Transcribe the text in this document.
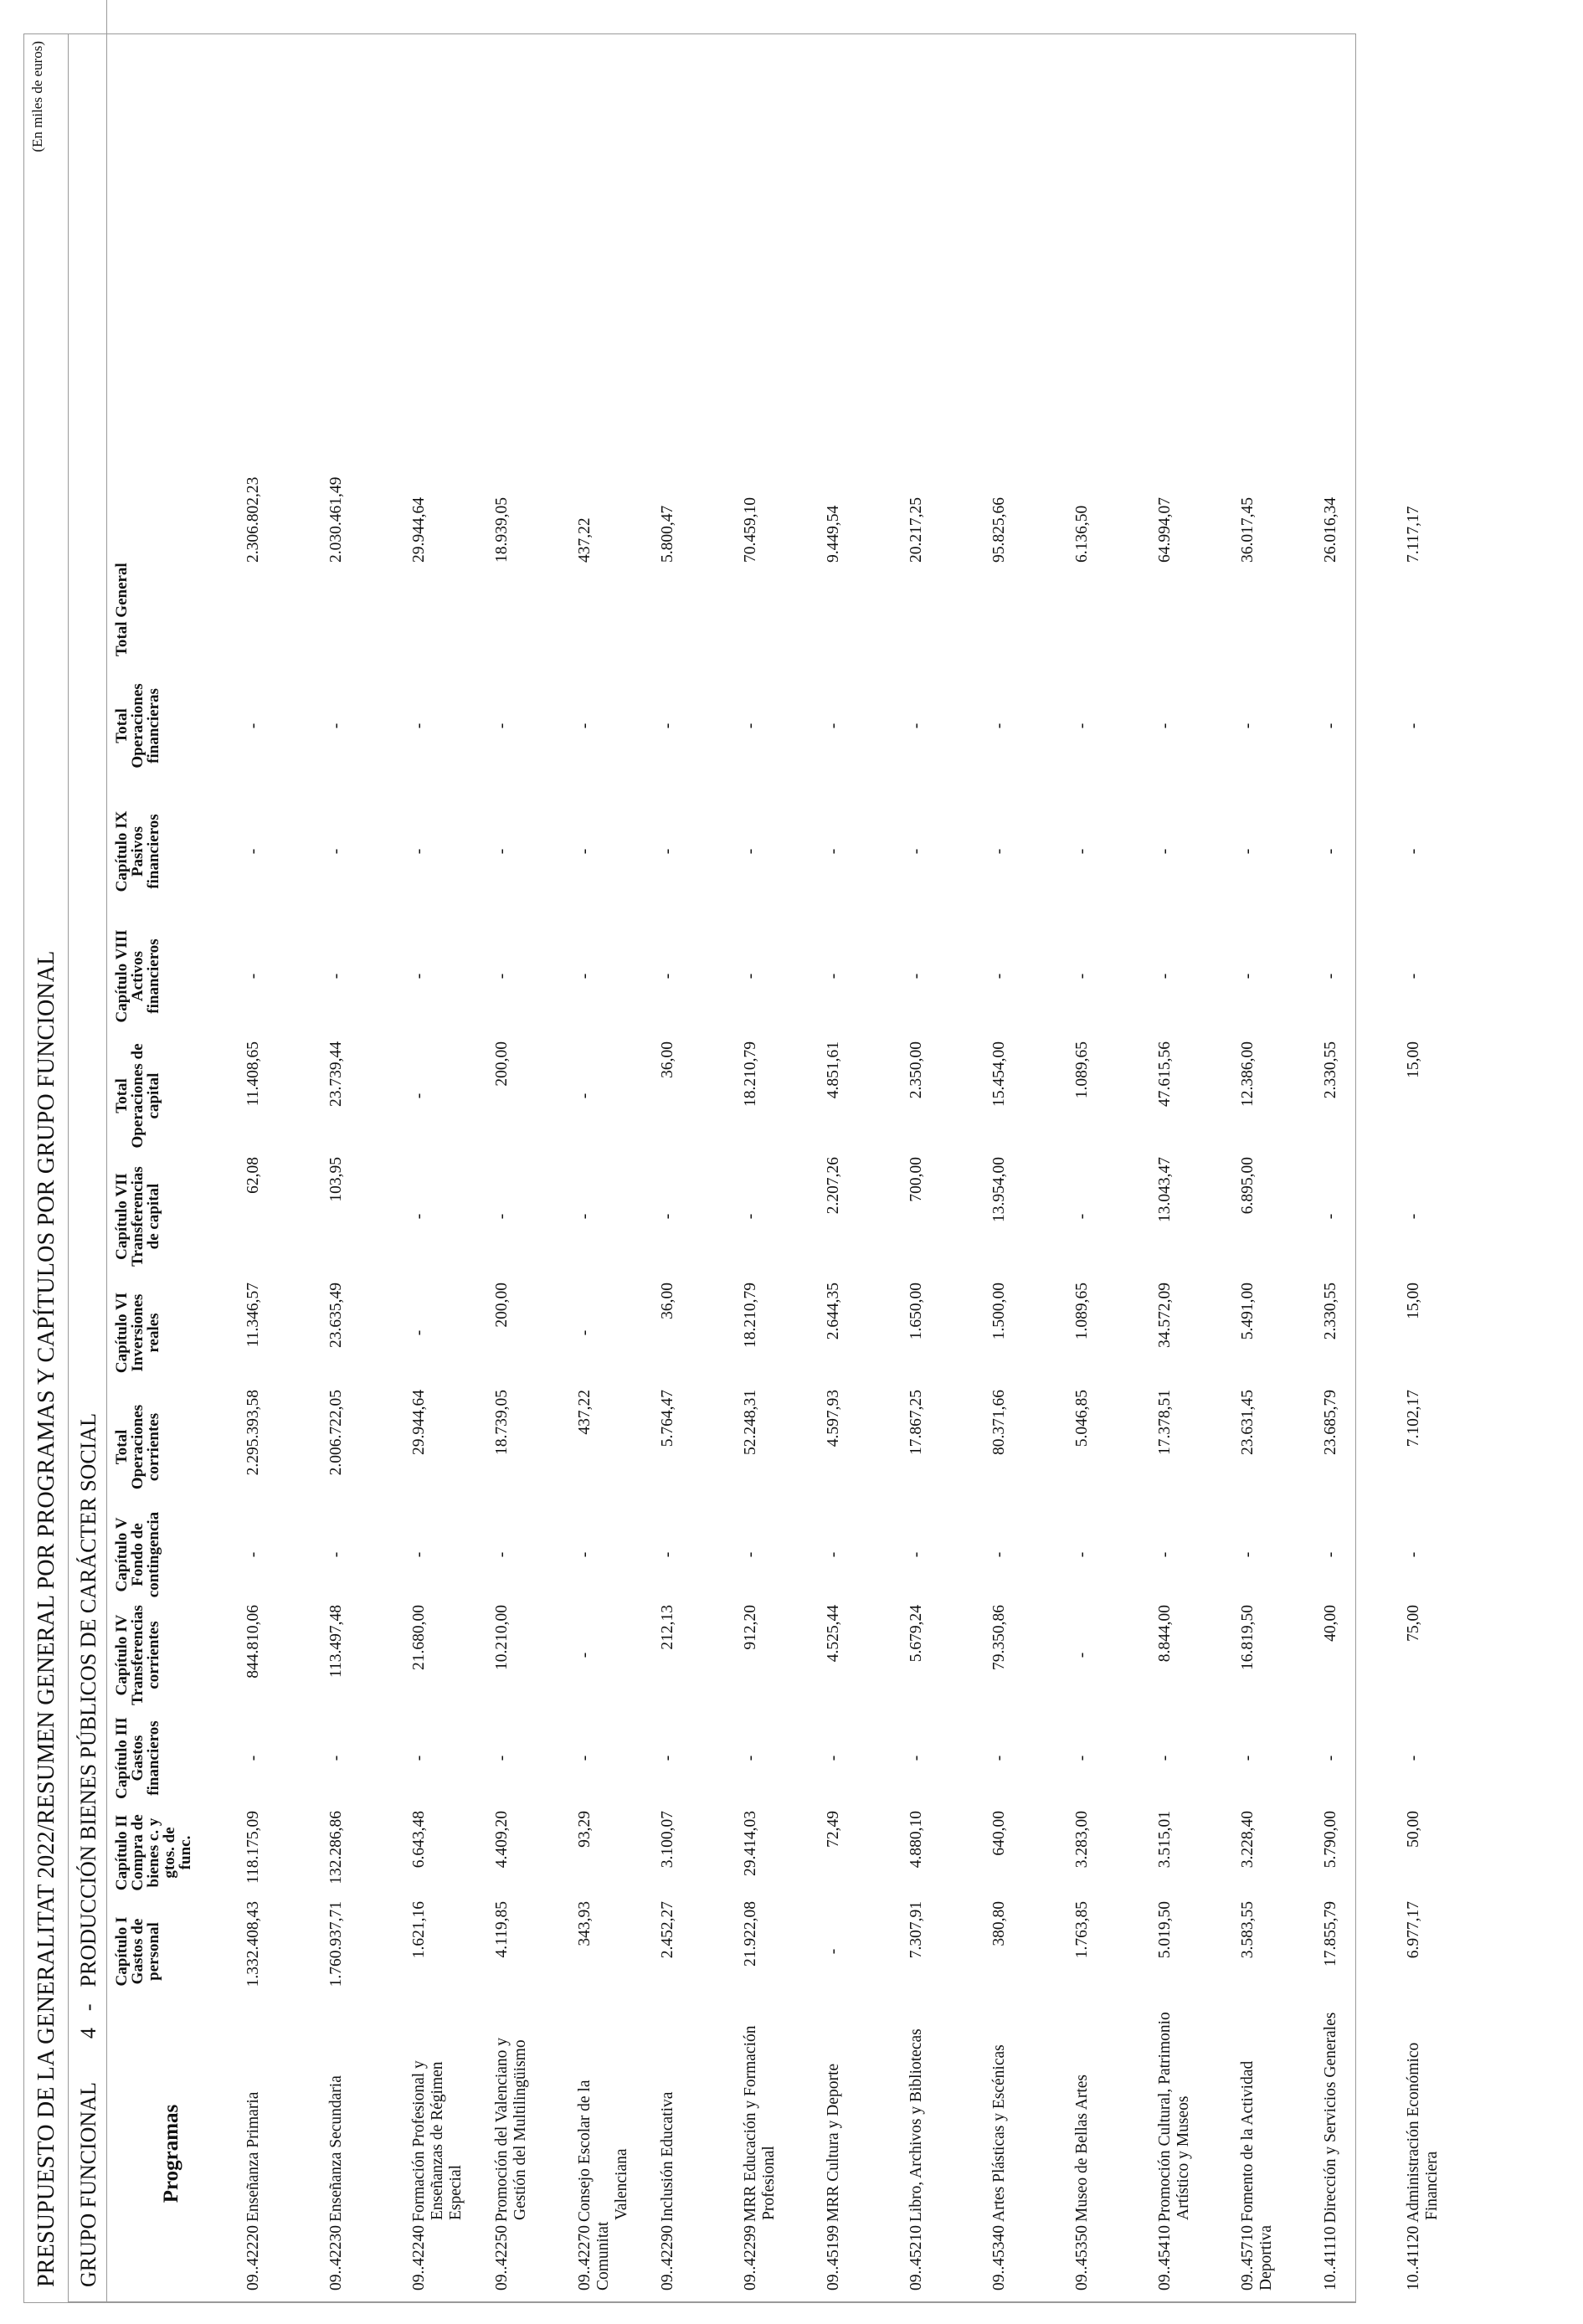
PRESUPUESTO DE LA GENERALITAT 2022/RESUMEN GENERAL POR PROGRAMAS Y CAPÍTULOS POR GRUPO FUNCIONAL
(En miles de euros)
GRUPO FUNCIONAL4-PRODUCCIÓN BIENES PÚBLICOS DE CARÁCTER SOCIAL
Programas	Capítulo I Gastos de personal	Capítulo II Compra de bienes c. y gtos. de func.	Capítulo III Gastos financieros	Capítulo IV Transferencias corrientes	Capítulo V Fondo de contingencia	Total Operaciones corrientes	Capítulo VI Inversiones reales	Capítulo VII Transferencias de capital	Total Operaciones de capital	Capítulo VIII Activos financieros	Capítulo IX Pasivos financieros	Total Operaciones financieras	Total General
09..42220Enseñanza Primaria	1.332.408,43	118.175,09	-	844.810,06	-	2.295.393,58	11.346,57	62,08	11.408,65	-	-	-	2.306.802,23
09..42230Enseñanza Secundaria	1.760.937,71	132.286,86	-	113.497,48	-	2.006.722,05	23.635,49	103,95	23.739,44	-	-	-	2.030.461,49
09..42240Formación Profesional y Enseñanzas de Régimen Especial	1.621,16	6.643,48	-	21.680,00	-	29.944,64	-	-	-	-	-	-	29.944,64
09..42250Promoción del Valenciano y Gestión del Multilingüismo	4.119,85	4.409,20	-	10.210,00	-	18.739,05	200,00	-	200,00	-	-	-	18.939,05
09..42270Consejo Escolar de la Comunitat
Valenciana	343,93	93,29	-	-	-	437,22	-	-	-	-	-	-	437,22
09..42290Inclusión Educativa	2.452,27	3.100,07	-	212,13	-	5.764,47	36,00	-	36,00	-	-	-	5.800,47
09..42299MRR Educación y Formación Profesional	21.922,08	29.414,03	-	912,20	-	52.248,31	18.210,79	-	18.210,79	-	-	-	70.459,10
09..45199MRR Cultura y Deporte	-	72,49	-	4.525,44	-	4.597,93	2.644,35	2.207,26	4.851,61	-	-	-	9.449,54
09..45210Libro, Archivos y Bibliotecas	7.307,91	4.880,10	-	5.679,24	-	17.867,25	1.650,00	700,00	2.350,00	-	-	-	20.217,25
09..45340Artes Plásticas y Escénicas	380,80	640,00	-	79.350,86	-	80.371,66	1.500,00	13.954,00	15.454,00	-	-	-	95.825,66
09..45350Museo de Bellas Artes	1.763,85	3.283,00	-	-	-	5.046,85	1.089,65	-	1.089,65	-	-	-	6.136,50
09..45410Promoción Cultural, Patrimonio Artístico y Museos	5.019,50	3.515,01	-	8.844,00	-	17.378,51	34.572,09	13.043,47	47.615,56	-	-	-	64.994,07
09..45710Fomento de la Actividad Deportiva	3.583,55	3.228,40	-	16.819,50	-	23.631,45	5.491,00	6.895,00	12.386,00	-	-	-	36.017,45
10..41110Dirección y Servicios Generales	17.855,79	5.790,00	-	40,00	-	23.685,79	2.330,55	-	2.330,55	-	-	-	26.016,34
10..41120Administración Económico Financiera	6.977,17	50,00	-	75,00	-	7.102,17	15,00	-	15,00	-	-	-	7.117,17
